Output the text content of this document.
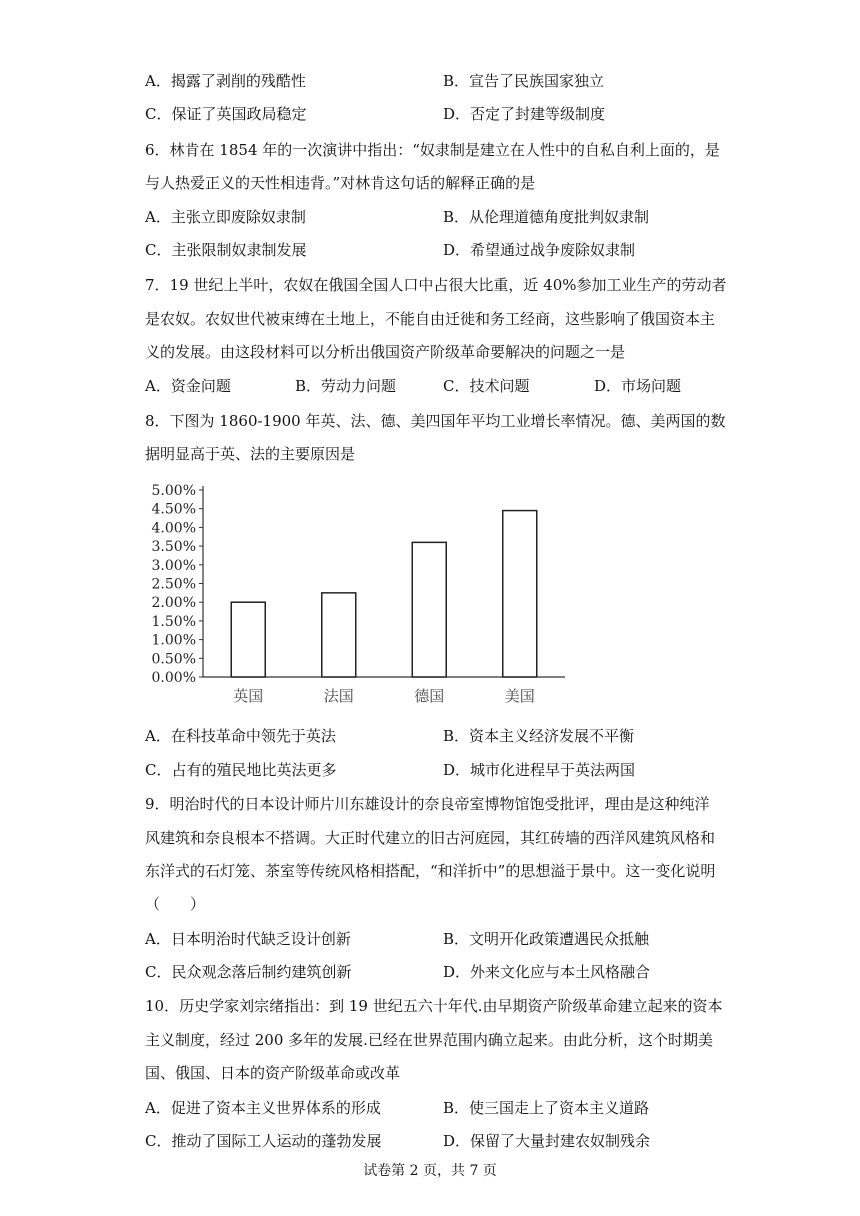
A．揭露了剥削的残酷性	B．宣告了民族国家独立
C．保证了英国政局稳定	D．否定了封建等级制度
6．林肯在 1854 年的一次演讲中指出：“奴隶制是建立在人性中的自私自利上面的，是
与人热爱正义的天性相违背。”对林肯这句话的解释正确的是
A．主张立即废除奴隶制	B．从伦理道德角度批判奴隶制
C．主张限制奴隶制发展	D．希望通过战争废除奴隶制
7．19 世纪上半叶，农奴在俄国全国人口中占很大比重，近 40%参加工业生产的劳动者
是农奴。农奴世代被束缚在土地上，不能自由迁徙和务工经商，这些影响了俄国资本主
义的发展。由这段材料可以分析出俄国资产阶级革命要解决的问题之一是
A．资金问题	B．劳动力问题	C．技术问题	D．市场问题
8．下图为 1860-1900 年英、法、德、美四国年平均工业增长率情况。德、美两国的数
据明显高于英、法的主要原因是
0.00%
0.50%
1.00%
1.50%
2.00%
2.50%
3.00%
3.50%
4.00%
4.50%
5.00%
英国	法国	德国	美国
A．在科技革命中领先于英法	B．资本主义经济发展不平衡
C．占有的殖民地比英法更多	D．城市化进程早于英法两国
9．明治时代的日本设计师片川东雄设计的奈良帝室博物馆饱受批评，理由是这种纯洋
风建筑和奈良根本不搭调。大正时代建立的旧古河庭园，其红砖墙的西洋风建筑风格和
东洋式的石灯笼、茶室等传统风格相搭配，“和洋折中”的思想溢于景中。这一变化说明
（　　）
A．日本明治时代缺乏设计创新	B．文明开化政策遭遇民众抵触
C．民众观念落后制约建筑创新	D．外来文化应与本土风格融合
10．历史学家刘宗绪指出：到 19 世纪五六十年代.由早期资产阶级革命建立起来的资本
主义制度，经过 200 多年的发展.已经在世界范围内确立起来。由此分析，这个时期美
国、俄国、日本的资产阶级革命或改革
A．促进了资本主义世界体系的形成	B．使三国走上了资本主义道路
C．推动了国际工人运动的蓬勃发展	D．保留了大量封建农奴制残余
试卷第 2 页，共 7 页
